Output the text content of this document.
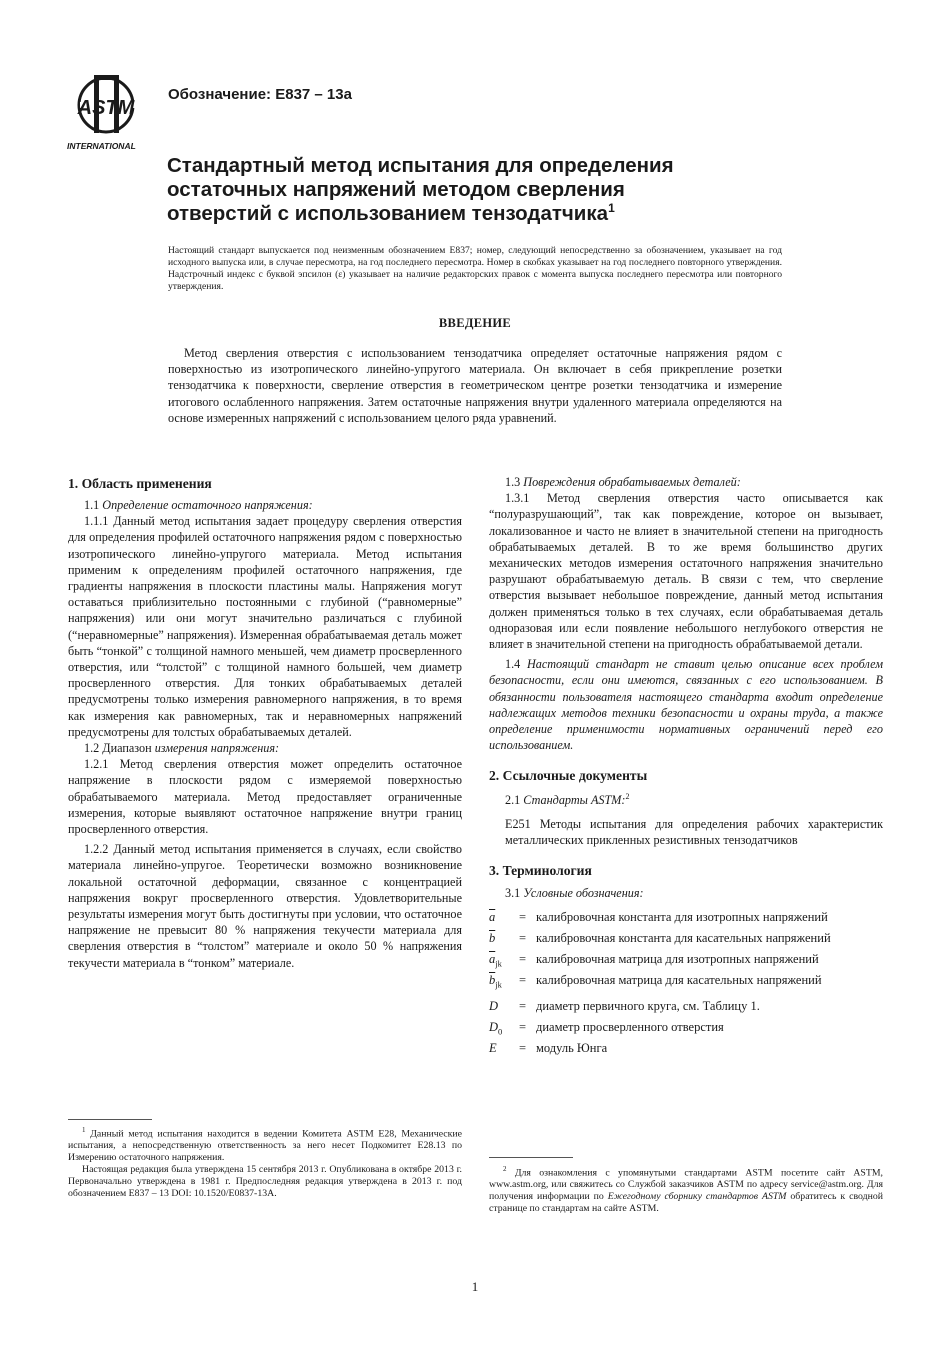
ASTM
INTERNATIONAL
Обозначение: E837 – 13a
Стандартный метод испытания для определения
остаточных напряжений методом сверления
отверстий с использованием тензодатчика$^1$
Настоящий стандарт выпускается под неизменным обозначением E837; номер, следующий непосредственно за обозначением, указывает на год исходного выпуска или, в случае пересмотра, на год последнего пересмотра. Номер в скобках указывает на год последнего повторного утверждения. Надстрочный индекс с буквой эпсилон (ε) указывает на наличие редакторских правок с момента выпуска последнего пересмотра или повторного утверждения.
ВВЕДЕНИЕ

Метод сверления отверстия с использованием тензодатчика определяет остаточные напряжения рядом с поверхностью из изотропического линейно-упругого материала. Он включает в себя прикрепление розетки тензодатчика к поверхности, сверление отверстия в геометрическом центре розетки тензодатчика и измерение итогового ослабленного напряжения. Затем остаточные напряжения внутри удаленного материала определяются на основе измеренных напряжений с использованием целого ряда уравнений.

1. Область применения

1.1 Определение остаточного напряжения:

1.1.1 Данный метод испытания задает процедуру сверления отверстия для определения профилей остаточного напряжения рядом с поверхностью изотропического линейно-упругого материала. Метод испытания применим к определениям профилей остаточного напряжения, где градиенты напряжения в плоскости пластины малы. Напряжения могут оставаться приблизительно постоянными с глубиной (“равномерные” напряжения) или они могут значительно различаться с глубиной (“неравномерные” напряжения). Измеренная обрабатываемая деталь может быть “тонкой” с толщиной намного меньшей, чем диаметр просверленного отверстия, или “толстой” с толщиной намного большей, чем диаметр просверленного отверстия. Для тонких обрабатываемых деталей предусмотрены только измерения равномерного напряжения, в то время как измерения как равномерных, так и неравномерных напряжений предусмотрены для толстых обрабатываемых деталей.

1.2 Диапазон измерения напряжения:

1.2.1 Метод сверления отверстия может определить остаточное напряжение в плоскости рядом с измеряемой поверхностью обрабатываемого материала. Метод предоставляет ограниченные измерения, которые выявляют остаточное напряжение внутри границ просверленного отверстия.

1.2.2 Данный метод испытания применяется в случаях, если свойство материала линейно-упругое. Теоретически возможно возникновение локальной остаточной деформации, связанное с концентрацией напряжения вокруг просверленного отверстия. Удовлетворительные результаты измерения могут быть достигнуты при условии, что остаточное напряжение не превысит 80 % напряжения текучести материала для сверления отверстия в “толстом” материале и около 50 % напряжения текучести материала в “тонком” материале.

$^1$ Данный метод испытания находится в ведении Комитета ASTM E28, Механические испытания, а непосредственную ответственность за него несет Подкомитет E28.13 по Измерению остаточного напряжения.

Настоящая редакция была утверждена 15 сентября 2013 г. Опубликована в октябре 2013 г. Первоначально утверждена в 1981 г. Предпоследняя редакция утверждена в 2013 г. под обозначением E837 – 13 DOI: 10.1520/E0837-13A.

1.3 Повреждения обрабатываемых деталей:

1.3.1 Метод сверления отверстия часто описывается как “полуразрушающий”, так как повреждение, которое он вызывает, локализованное и часто не влияет в значительной степени на пригодность обрабатываемых деталей. В то же время большинство других механических методов измерения остаточного напряжения значительно разрушают обрабатываемую деталь. В связи с тем, что сверление отверстия вызывает небольшое повреждение, данный метод испытания должен применяться только в тех случаях, если обрабатываемая деталь одноразовая или если появление небольшого неглубокого отверстия не влияет в значительной степени на пригодность обрабатываемой детали.

1.4 Настоящий стандарт не ставит целью описание всех проблем безопасности, если они имеются, связанных с его использованием. В обязанности пользователя настоящего стандарта входит определение надлежащих методов техники безопасности и охраны труда, а также определение применимости нормативных ограничений перед его использованием.

2. Ссылочные документы

2.1 Стандарты ASTM:$^2$

E251 Методы испытания для определения рабочих характеристик металлических прикленных резистивных тензодатчиков

3. Терминология

3.1 Условные обозначения:

$\overline{a}$ = калибровочная константа для изотропных напряжений
$\overline{b}$ = калибровочная константа для касательных напряжений
$\overline{a}_{jk}$ = калибровочная матрица для изотропных напряжений
$\overline{b}_{jk}$ = калибровочная матрица для касательных напряжений
D = диаметр первичного круга, см. Таблицу 1.
$D_0$ = диаметр просверленного отверстия
E = модуль Юнга

$^2$ Для ознакомления с упомянутыми стандартами ASTM посетите сайт ASTM, www.astm.org, или свяжитесь со Службой заказчиков ASTM по адресу service@astm.org. Для получения информации по Ежегодному сборнику стандартов ASTM обратитесь к сводной странице по стандартам на сайте ASTM.

1
